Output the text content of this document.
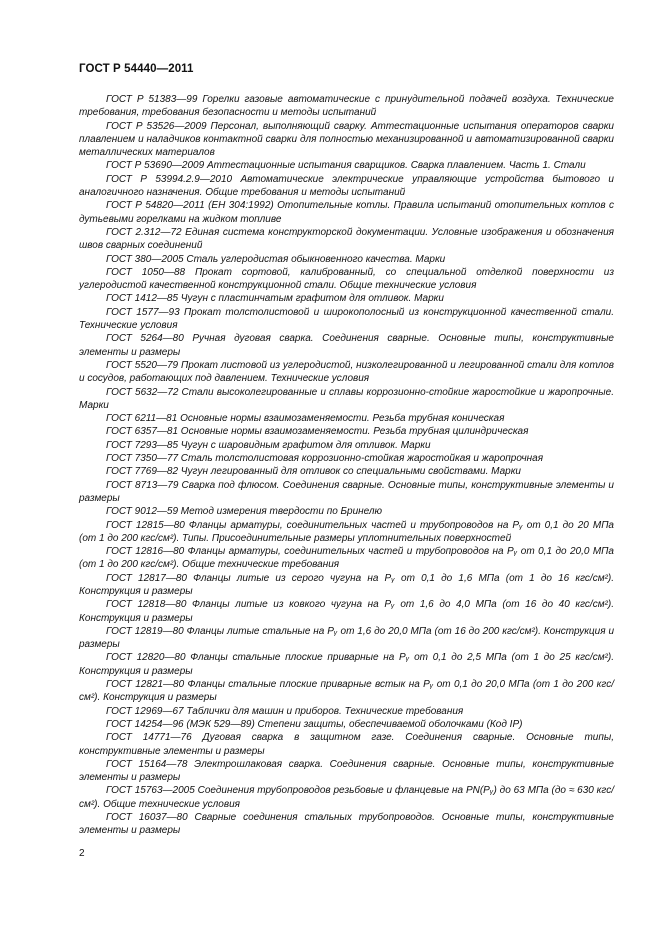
ГОСТ Р 54440—2011

ГОСТ Р 51383—99 Горелки газовые автоматические с принудительной подачей воздуха. Технические требования, требования безопасности и методы испытаний

ГОСТ Р 53526—2009 Персонал, выполняющий сварку. Аттестационные испытания операторов сварки плавлением и наладчиков контактной сварки для полностью механизированной и автоматизированной сварки металлических материалов

ГОСТ Р 53690—2009 Аттестационные испытания сварщиков. Сварка плавлением. Часть 1. Стали

ГОСТ Р 53994.2.9—2010 Автоматические электрические управляющие устройства бытового и аналогичного назначения. Общие требования и методы испытаний

ГОСТ Р 54820—2011 (ЕН 304:1992) Отопительные котлы. Правила испытаний отопительных котлов с дутьевыми горелками на жидком топливе

ГОСТ 2.312—72 Единая система конструкторской документации. Условные изображения и обозначения швов сварных соединений

ГОСТ 380—2005 Сталь углеродистая обыкновенного качества. Марки

ГОСТ 1050—88 Прокат сортовой, калиброванный, со специальной отделкой поверхности из углеродистой качественной конструкционной стали. Общие технические условия

ГОСТ 1412—85 Чугун с пластинчатым графитом для отливок. Марки

ГОСТ 1577—93 Прокат толстолистовой и широкополосный из конструкционной качественной стали. Технические условия

ГОСТ 5264—80 Ручная дуговая сварка. Соединения сварные. Основные типы, конструктивные элементы и размеры

ГОСТ 5520—79 Прокат листовой из углеродистой, низколегированной и легированной стали для котлов и сосудов, работающих под давлением. Технические условия

ГОСТ 5632—72 Стали высоколегированные и сплавы коррозионно-стойкие жаростойкие и жаропрочные. Марки

ГОСТ 6211—81 Основные нормы взаимозаменяемости. Резьба трубная коническая

ГОСТ 6357—81 Основные нормы взаимозаменяемости. Резьба трубная цилиндрическая

ГОСТ 7293—85 Чугун с шаровидным графитом для отливок. Марки

ГОСТ 7350—77 Сталь толстолистовая коррозионно-стойкая жаростойкая и жаропрочная

ГОСТ 7769—82 Чугун легированный для отливок со специальными свойствами. Марки

ГОСТ 8713—79 Сварка под флюсом. Соединения сварные. Основные типы, конструктивные элементы и размеры

ГОСТ 9012—59 Метод измерения твердости по Бринелю

ГОСТ 12815—80 Фланцы арматуры, соединительных частей и трубопроводов на Pᵧ от 0,1 до 20 МПа (от 1 до 200 кгс/см²). Типы. Присоединительные размеры уплотнительных поверхностей

ГОСТ 12816—80 Фланцы арматуры, соединительных частей и трубопроводов на Pᵧ от 0,1 до 20,0 МПа (от 1 до 200 кгс/см²). Общие технические требования

ГОСТ 12817—80 Фланцы литые из серого чугуна на Pᵧ от 0,1 до 1,6 МПа (от 1 до 16 кгс/см²). Конструкция и размеры

ГОСТ 12818—80 Фланцы литые из ковкого чугуна на Pᵧ от 1,6 до 4,0 МПа (от 16 до 40 кгс/см²). Конструкция и размеры

ГОСТ 12819—80 Фланцы литые стальные на Pᵧ от 1,6 до 20,0 МПа (от 16 до 200 кгс/см²). Конструкция и размеры

ГОСТ 12820—80 Фланцы стальные плоские приварные на Pᵧ от 0,1 до 2,5 МПа (от 1 до 25 кгс/см²). Конструкция и размеры

ГОСТ 12821—80 Фланцы стальные плоские приварные встык на Pᵧ от 0,1 до 20,0 МПа (от 1 до 200 кгс/см²). Конструкция и размеры

ГОСТ 12969—67 Таблички для машин и приборов. Технические требования

ГОСТ 14254—96 (МЭК 529—89) Степени защиты, обеспечиваемой оболочками (Код IP)

ГОСТ 14771—76 Дуговая сварка в защитном газе. Соединения сварные. Основные типы, конструктивные элементы и размеры

ГОСТ 15164—78 Электрошлаковая сварка. Соединения сварные. Основные типы, конструктивные элементы и размеры

ГОСТ 15763—2005 Соединения трубопроводов резьбовые и фланцевые на PN(Pᵧ) до 63 МПа (до ≈ 630 кгс/см²). Общие технические условия

ГОСТ 16037—80 Сварные соединения стальных трубопроводов. Основные типы, конструктивные элементы и размеры

2
